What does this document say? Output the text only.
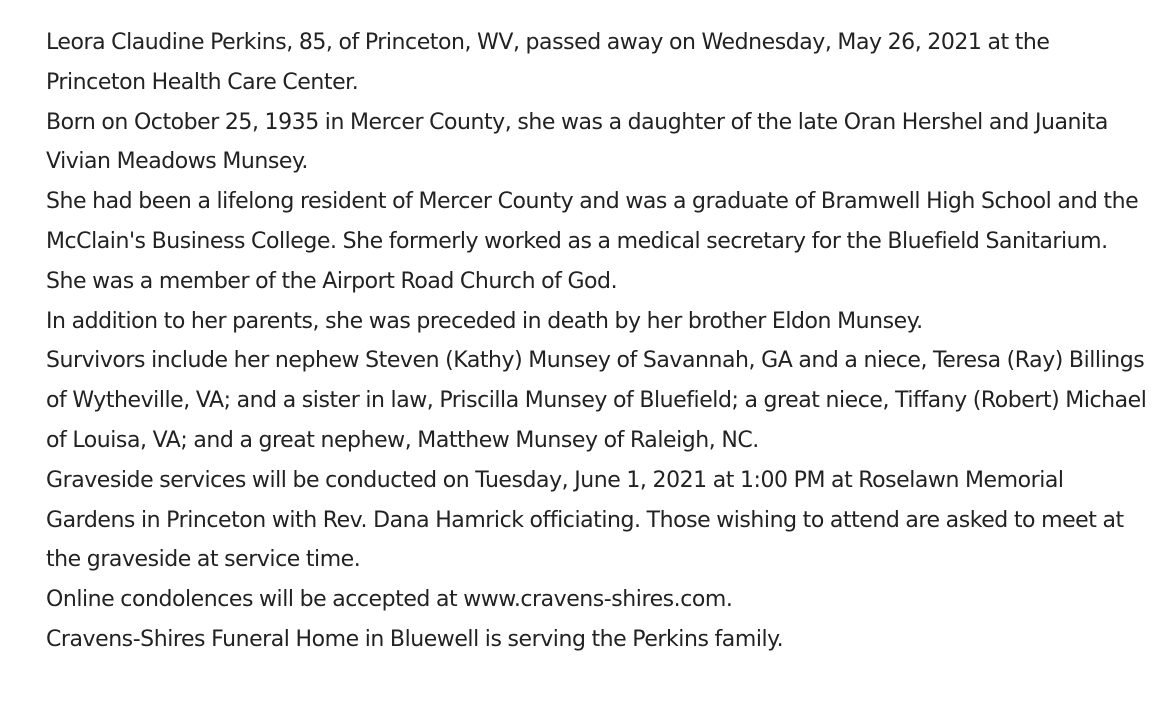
Leora Claudine Perkins, 85, of Princeton, WV, passed away on Wednesday, May 26, 2021 at the Princeton Health Care Center.

Born on October 25, 1935 in Mercer County, she was a daughter of the late Oran Hershel and Juanita Vivian Meadows Munsey.

She had been a lifelong resident of Mercer County and was a graduate of Bramwell High School and the McClain's Business College. She formerly worked as a medical secretary for the Bluefield Sanitarium. She was a member of the Airport Road Church of God.

In addition to her parents, she was preceded in death by her brother Eldon Munsey.

Survivors include her nephew Steven (Kathy) Munsey of Savannah, GA and a niece, Teresa (Ray) Billings of Wytheville, VA; and a sister in law, Priscilla Munsey of Bluefield; a great niece, Tiffany (Robert) Michael of Louisa, VA; and a great nephew, Matthew Munsey of Raleigh, NC.

Graveside services will be conducted on Tuesday, June 1, 2021 at 1:00 PM at Roselawn Memorial Gardens in Princeton with Rev. Dana Hamrick officiating. Those wishing to attend are asked to meet at the graveside at service time.

Online condolences will be accepted at www.cravens-shires.com.

Cravens-Shires Funeral Home in Bluewell is serving the Perkins family.
